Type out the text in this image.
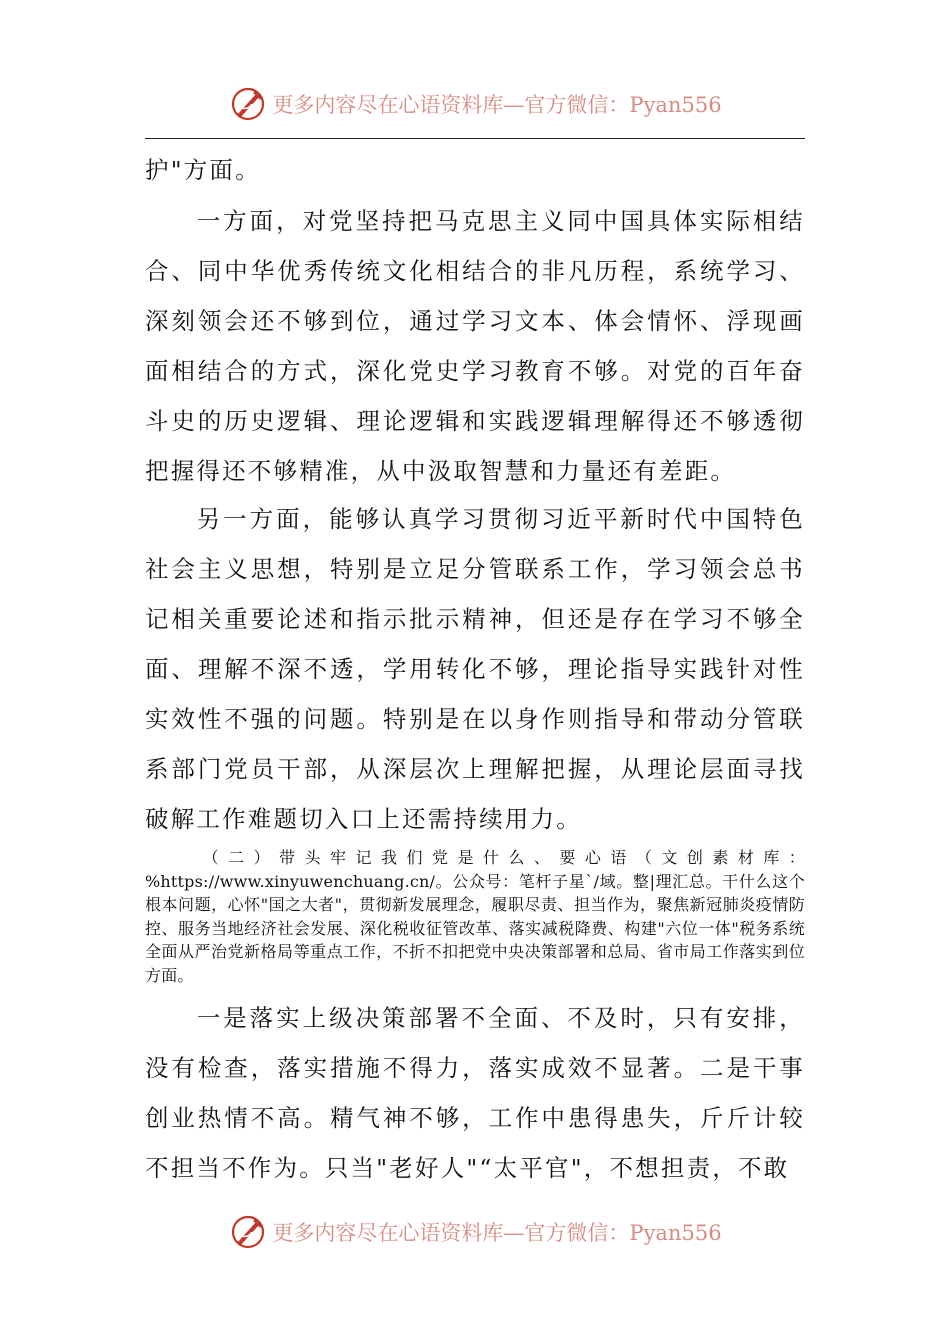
更多内容尽在心语资料库—官方微信：Pyan556

护"方面。

一方面，对党坚持把马克思主义同中国具体实际相结合、同中华优秀传统文化相结合的非凡历程，系统学习、深刻领会还不够到位，通过学习文本、体会情怀、浮现画面相结合的方式，深化党史学习教育不够。对党的百年奋斗史的历史逻辑、理论逻辑和实践逻辑理解得还不够透彻把握得还不够精准，从中汲取智慧和力量还有差距。

另一方面，能够认真学习贯彻习近平新时代中国特色社会主义思想，特别是立足分管联系工作，学习领会总书记相关重要论述和指示批示精神，但还是存在学习不够全面、理解不深不透，学用转化不够，理论指导实践针对性实效性不强的问题。特别是在以身作则指导和带动分管联系部门党员干部，从深层次上理解把握，从理论层面寻找破解工作难题切入口上还需持续用力。

（二）带头牢记我们党是什么、要心语（文创素材库：%https://www.xinyuwenchuang.cn/。公众号：笔杆子星`/域。整|理汇总。干什么这个根本问题，心怀"国之大者"，贯彻新发展理念，履职尽责、担当作为，聚焦新冠肺炎疫情防控、服务当地经济社会发展、深化税收征管改革、落实减税降费、构建"六位一体"税务系统全面从严治党新格局等重点工作，不折不扣把党中央决策部署和总局、省市局工作落实到位方面。

一是落实上级决策部署不全面、不及时，只有安排，没有检查，落实措施不得力，落实成效不显著。二是干事创业热情不高。精气神不够，工作中患得患失，斤斤计较不担当不作为。只当"老好人"“太平官"，不想担责，不敢

更多内容尽在心语资料库—官方微信：Pyan556
